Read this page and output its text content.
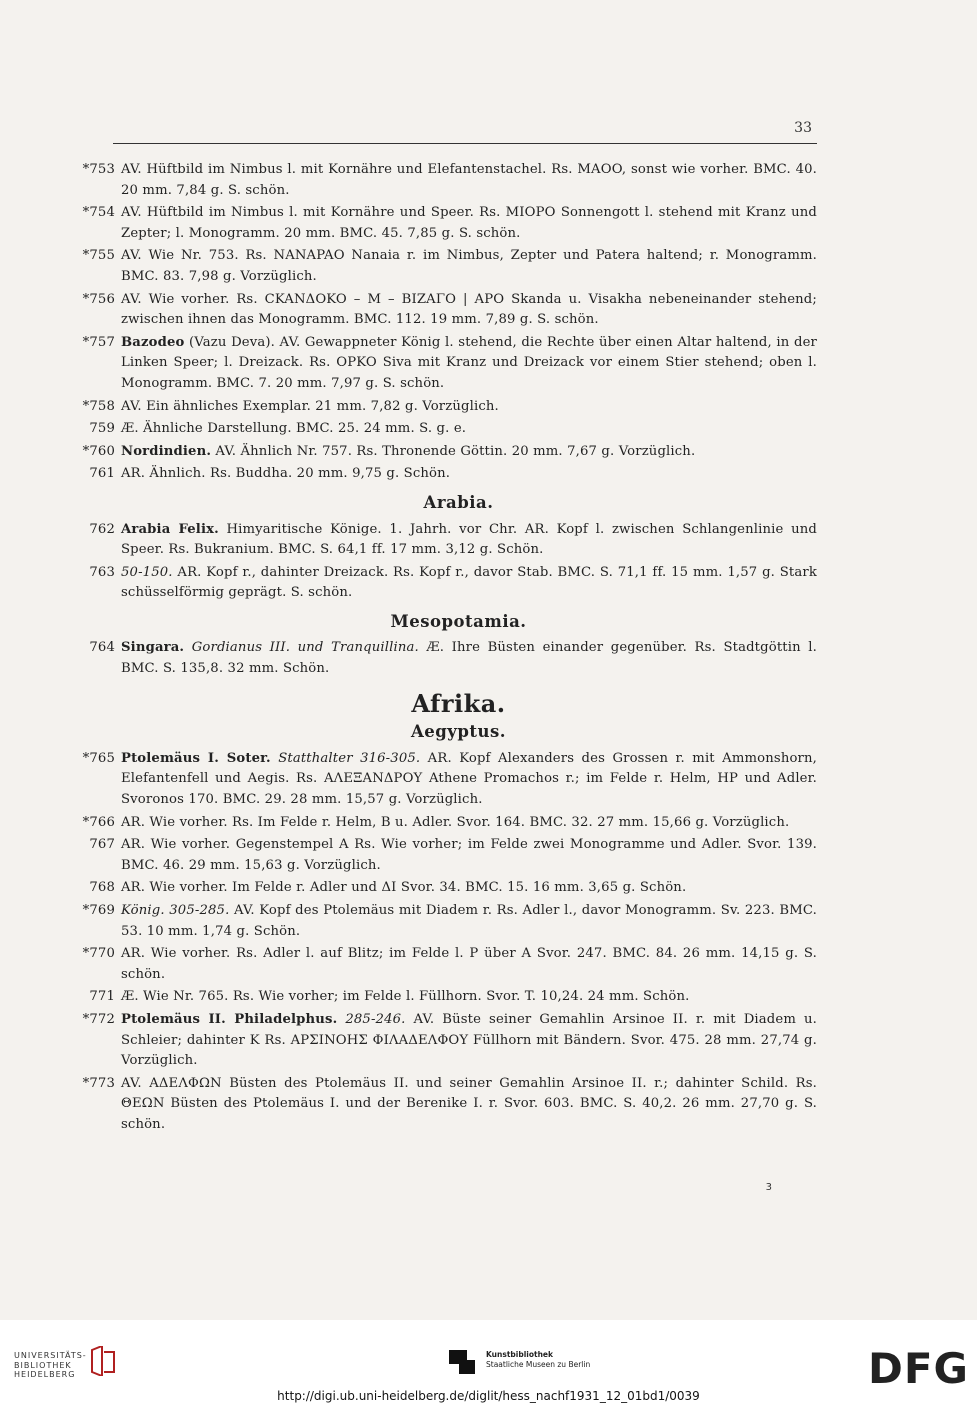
33
*753 AV. Hüftbild im Nimbus l. mit Kornähre und Elefantenstachel. Rs. MAOO, sonst wie vorher. BMC. 40. 20 mm. 7,84 g. S. schön.
*754 AV. Hüftbild im Nimbus l. mit Kornähre und Speer. Rs. MIOPO Sonnengott l. stehend mit Kranz und Zepter; l. Monogramm. 20 mm. BMC. 45. 7,85 g. S. schön.
*755 AV. Wie Nr. 753. Rs. NANAPAO Nanaia r. im Nimbus, Zepter und Patera haltend; r. Monogramm. BMC. 83. 7,98 g. Vorzüglich.
*756 AV. Wie vorher. Rs. CKANΔOKO – M – BIZAΓO | APO Skanda u. Visakha nebeneinander stehend; zwischen ihnen das Monogramm. BMC. 112. 19 mm. 7,89 g. S. schön.
*757 Bazodeo (Vazu Deva). AV. Gewappneter König l. stehend, die Rechte über einen Altar haltend, in der Linken Speer; l. Dreizack. Rs. OPKO Siva mit Kranz und Dreizack vor einem Stier stehend; oben l. Monogramm. BMC. 7. 20 mm. 7,97 g. S. schön.
*758 AV. Ein ähnliches Exemplar. 21 mm. 7,82 g. Vorzüglich.
759 Æ. Ähnliche Darstellung. BMC. 25. 24 mm. S. g. e.
*760 Nordindien. AV. Ähnlich Nr. 757. Rs. Thronende Göttin. 20 mm. 7,67 g. Vorzüglich.
761 AR. Ähnlich. Rs. Buddha. 20 mm. 9,75 g. Schön.
Arabia.
762 Arabia Felix. Himyaritische Könige. 1. Jahrh. vor Chr. AR. Kopf l. zwischen Schlangenlinie und Speer. Rs. Bukranium. BMC. S. 64,1 ff. 17 mm. 3,12 g. Schön.
763 50-150. AR. Kopf r., dahinter Dreizack. Rs. Kopf r., davor Stab. BMC. S. 71,1 ff. 15 mm. 1,57 g. Stark schüsselförmig geprägt. S. schön.
Mesopotamia.
764 Singara. Gordianus III. und Tranquillina. Æ. Ihre Büsten einander gegenüber. Rs. Stadtgöttin l. BMC. S. 135,8. 32 mm. Schön.
Afrika.
Aegyptus.
*765 Ptolemäus I. Soter. Statthalter 316-305. AR. Kopf Alexanders des Grossen r. mit Ammonshorn, Elefantenfell und Aegis. Rs. ΑΛΕΞΑΝΔΡΟΥ Athene Promachos r.; im Felde r. Helm, ΗΡ und Adler. Svoronos 170. BMC. 29. 28 mm. 15,57 g. Vorzüglich.
*766 AR. Wie vorher. Rs. Im Felde r. Helm, Β u. Adler. Svor. 164. BMC. 32. 27 mm. 15,66 g. Vorzüglich.
767 AR. Wie vorher. Gegenstempel A Rs. Wie vorher; im Felde zwei Monogramme und Adler. Svor. 139. BMC. 46. 29 mm. 15,63 g. Vorzüglich.
768 AR. Wie vorher. Im Felde r. Adler und ΔΙ Svor. 34. BMC. 15. 16 mm. 3,65 g. Schön.
*769 König. 305-285. AV. Kopf des Ptolemäus mit Diadem r. Rs. Adler l., davor Monogramm. Sv. 223. BMC. 53. 10 mm. 1,74 g. Schön.
*770 AR. Wie vorher. Rs. Adler l. auf Blitz; im Felde l. P über A Svor. 247. BMC. 84. 26 mm. 14,15 g. S. schön.
771 Æ. Wie Nr. 765. Rs. Wie vorher; im Felde l. Füllhorn. Svor. T. 10,24. 24 mm. Schön.
*772 Ptolemäus II. Philadelphus. 285-246. AV. Büste seiner Gemahlin Arsinoe II. r. mit Diadem u. Schleier; dahinter K Rs. ΑΡΣΙΝΟΗΣ ΦΙΛΑΔΕΛΦΟΥ Füllhorn mit Bändern. Svor. 475. 28 mm. 27,74 g. Vorzüglich.
*773 AV. ΑΔΕΛΦΩΝ Büsten des Ptolemäus II. und seiner Gemahlin Arsinoe II. r.; dahinter Schild. Rs. ΘΕΩΝ Büsten des Ptolemäus I. und der Berenike I. r. Svor. 603. BMC. S. 40,2. 26 mm. 27,70 g. S. schön.
3
UNIVERSITÄTS-
BIBLIOTHEK
HEIDELBERG
Kunstbibliothek
Staatliche Museen zu Berlin	DFG
http://digi.ub.uni-heidelberg.de/diglit/hess_nachf1931_12_01bd1/0039
